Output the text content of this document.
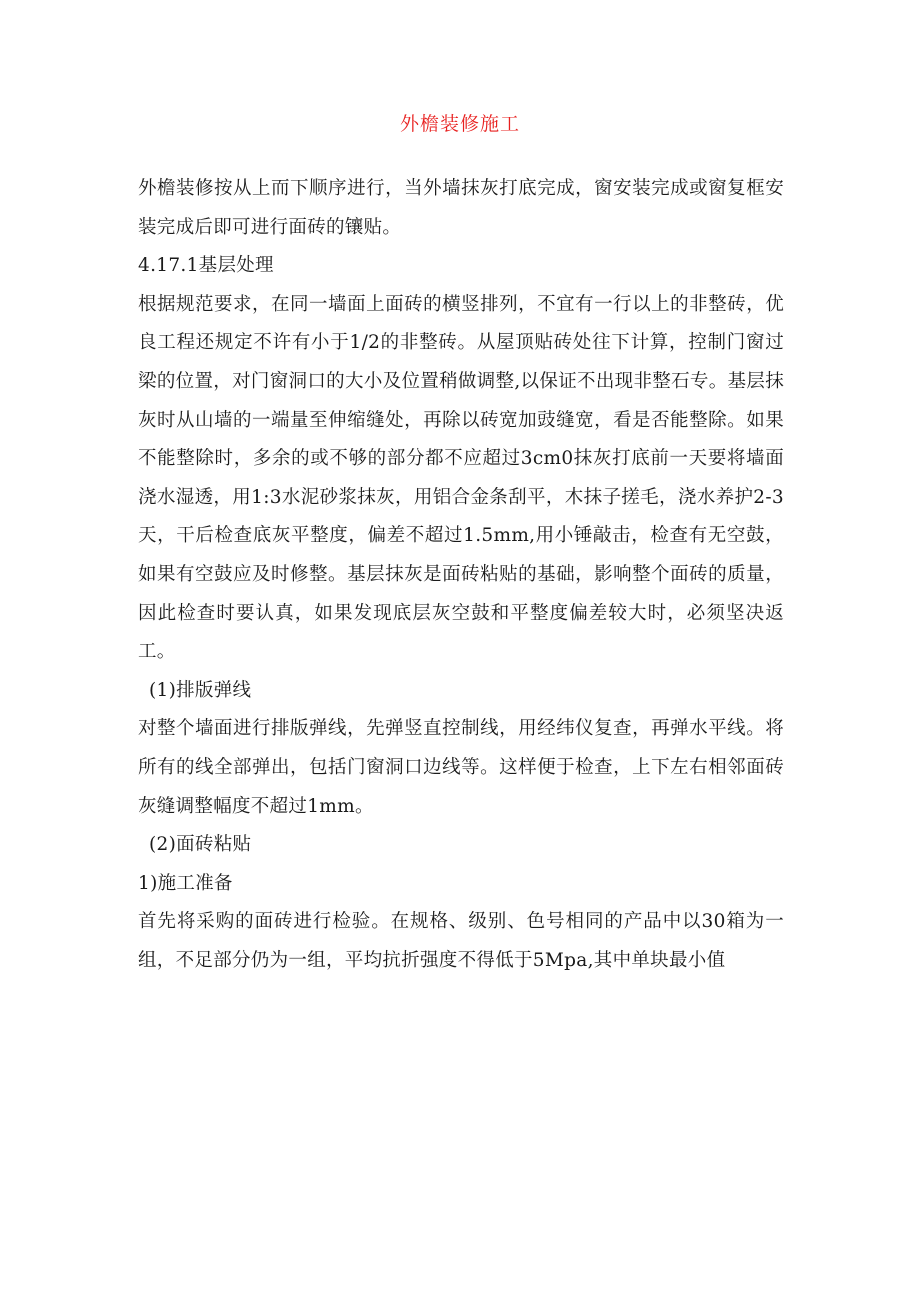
外檐装修施工

外檐装修按从上而下顺序进行，当外墙抹灰打底完成，窗安装完成或窗复框安装完成后即可进行面砖的镶贴。

4.17.1基层处理

根据规范要求，在同一墙面上面砖的横竖排列，不宜有一行以上的非整砖，优良工程还规定不许有小于1/2的非整砖。从屋顶贴砖处往下计算，控制门窗过梁的位置，对门窗洞口的大小及位置稍做调整,以保证不出现非整石专。基层抹灰时从山墙的一端量至伸缩缝处，再除以砖宽加豉缝宽，看是否能整除。如果不能整除时，多余的或不够的部分都不应超过3cm0抹灰打底前一天要将墙面浇水湿透，用1:3水泥砂浆抹灰，用铝合金条刮平，木抹子搓毛，浇水养护2-3天，干后检查底灰平整度，偏差不超过1.5mm,用小锤敲击，检查有无空鼓，如果有空鼓应及时修整。基层抹灰是面砖粘贴的基础，影响整个面砖的质量，因此检查时要认真，如果发现底层灰空鼓和平整度偏差较大时，必须坚决返工。

(1)排版弹线

对整个墙面进行排版弹线，先弹竖直控制线，用经纬仪复查，再弹水平线。将所有的线全部弹出，包括门窗洞口边线等。这样便于检查，上下左右相邻面砖灰缝调整幅度不超过1mm。

(2)面砖粘贴

1)施工准备

首先将采购的面砖进行检验。在规格、级别、色号相同的产品中以30箱为一组，不足部分仍为一组，平均抗折强度不得低于5Mpa,其中单块最小值
